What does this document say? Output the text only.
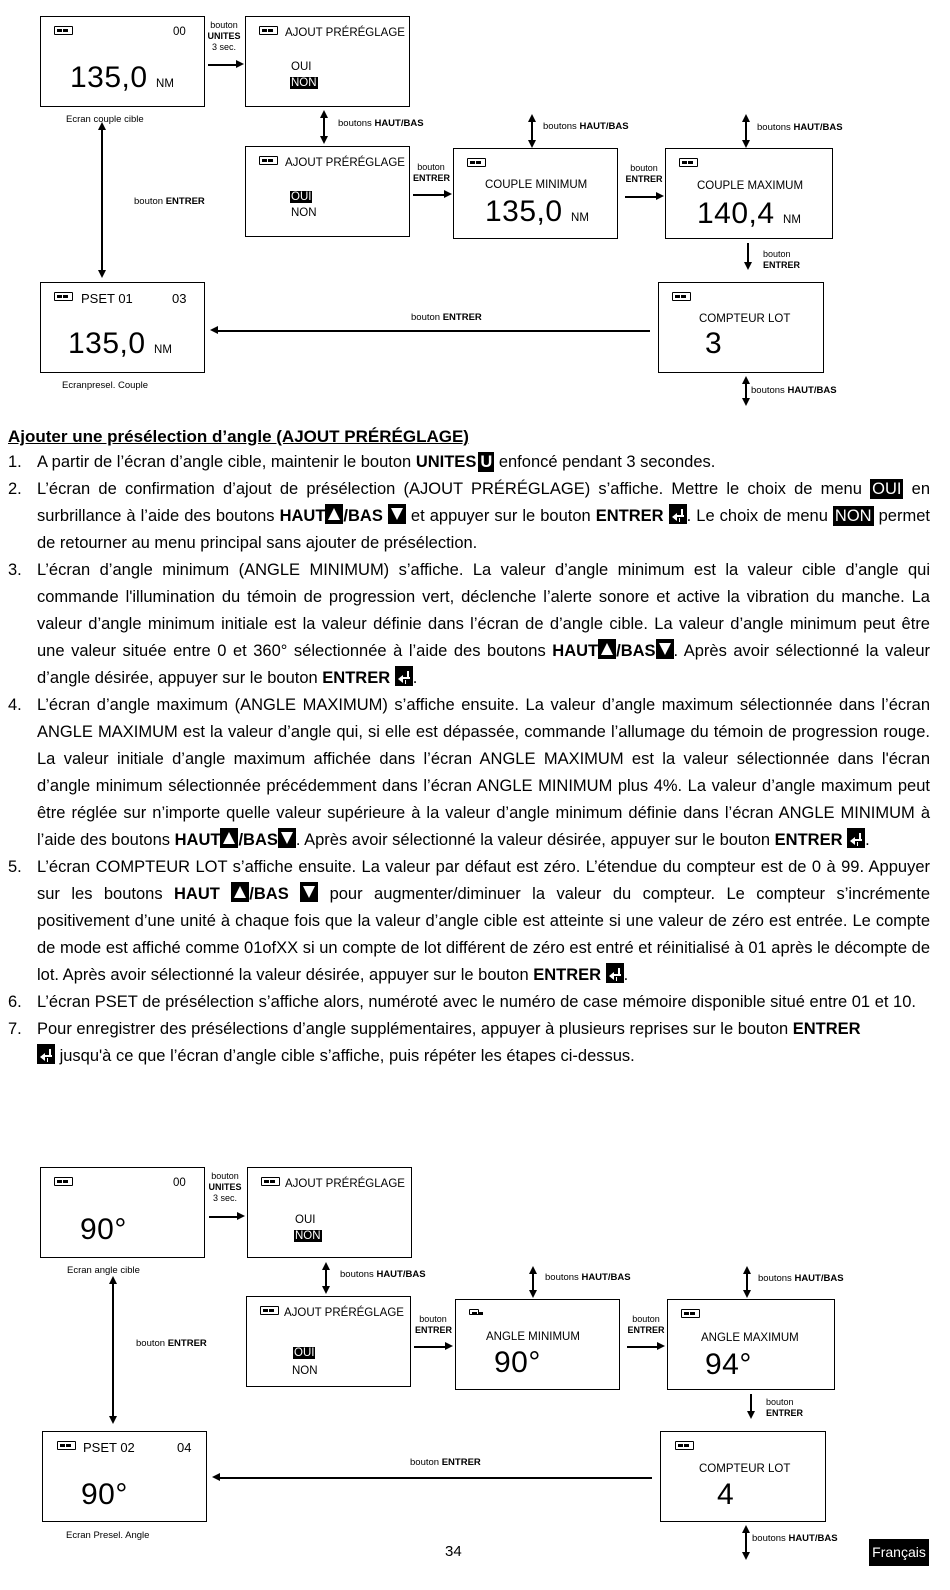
00
135,0 NM
Ecran couple cible
bouton
UNITES
3 sec.
AJOUT PRÉRÉGLAGE
OUI
NON
boutons HAUT/BAS	boutons HAUT/BAS	boutons HAUT/BAS
bouton ENTRER
AJOUT PRÉRÉGLAGE
OUI
NON
bouton
ENTRER
COUPLE MINIMUM
135,0 NM
bouton
ENTRER
COUPLE MAXIMUM
140,4 NM
bouton
ENTRER
PSET 01	03
135,0 NM
Ecranpresel. Couple
bouton ENTRER	COMPTEUR LOT
3
boutons HAUT/BAS
Ajouter une présélection d’angle (AJOUT PRÉRÉGLAGE)
1. A partir de l’écran d’angle cible, maintenir le bouton UNITES U enfoncé pendant 3 secondes.
2. L’écran de confirmation d’ajout de présélection (AJOUT PRÉRÉGLAGE) s’affiche. Mettre le choix de menu OUI en surbrillance à l’aide des boutons HAUT /BAS  et appuyer sur le bouton ENTRER . Le choix de menu NON permet de retourner au menu principal sans ajouter de présélection.
3. L’écran d’angle minimum (ANGLE MINIMUM) s’affiche. La valeur d’angle minimum est la valeur cible d’angle qui commande l'illumination du témoin de progression vert, déclenche l’alerte sonore et active la vibration du manche. La valeur d’angle minimum initiale est la valeur définie dans l’écran de d’angle cible. La valeur d’angle minimum peut être une valeur située entre 0 et 360° sélectionnée à l’aide des boutons HAUT /BAS . Après avoir sélectionné la valeur d’angle désirée, appuyer sur le bouton ENTRER .
4. L’écran d’angle maximum (ANGLE MAXIMUM) s’affiche ensuite. La valeur d’angle maximum sélectionnée dans l’écran ANGLE MAXIMUM est la valeur d’angle qui, si elle est dépassée, commande l’allumage du témoin de progression rouge. La valeur initiale d’angle maximum affichée dans l’écran ANGLE MAXIMUM est la valeur sélectionnée dans l'écran d’angle minimum sélectionnée précédemment dans l’écran ANGLE MINIMUM plus 4%. La valeur d’angle maximum peut être réglée sur n’importe quelle valeur supérieure à la valeur d’angle minimum définie dans l’écran ANGLE MINIMUM à l’aide des boutons HAUT /BAS . Après avoir sélectionné la valeur désirée, appuyer sur le bouton ENTRER .
5. L’écran COMPTEUR LOT s’affiche ensuite. La valeur par défaut est zéro. L’étendue du compteur est de 0 à 99. Appuyer sur les boutons HAUT /BAS  pour augmenter/diminuer la valeur du compteur. Le compteur s’incrémente positivement d’une unité à chaque fois que la valeur d’angle cible est atteinte si une valeur de zéro est entrée. Le compte de mode est affiché comme 01ofXX si un compte de lot différent de zéro est entré et réinitialisé à 01 après le décompte de lot. Après avoir sélectionné la valeur désirée, appuyer sur le bouton ENTRER .
6. L’écran PSET de présélection s’affiche alors, numéroté avec le numéro de case mémoire disponible situé entre 01 et 10.
7. Pour enregistrer des présélections d’angle supplémentaires, appuyer à plusieurs reprises sur le bouton ENTRER

jusqu'à ce que l’écran d’angle cible s’affiche, puis répéter les étapes ci-dessus.
00
90°
Ecran angle cible
bouton
UNITES
3 sec.
AJOUT PRÉRÉGLAGE
OUI
NON
boutons HAUT/BAS	boutons HAUT/BAS	boutons HAUT/BAS
bouton ENTRER
AJOUT PRÉRÉGLAGE
OUI
NON
bouton
ENTRER
ANGLE MINIMUM
90°
bouton
ENTRER
ANGLE MAXIMUM
94°
bouton
ENTRER
PSET 02	04
90°
Ecran Presel. Angle
bouton ENTRER
COMPTEUR LOT
4
boutons HAUT/BAS
34	Français
